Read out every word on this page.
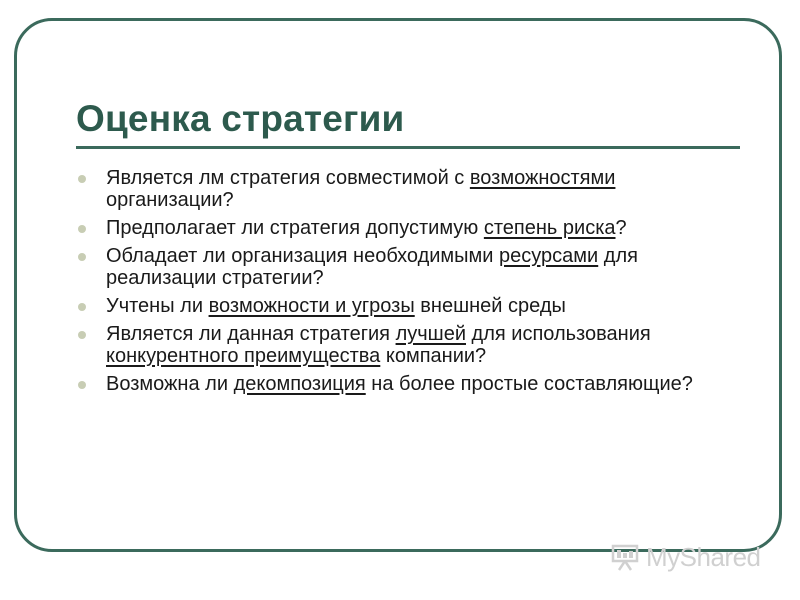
Оценка стратегии
Является лм стратегия совместимой с возможностями организации?
Предполагает ли стратегия допустимую степень риска?
Обладает ли организация необходимыми ресурсами для реализации стратегии?
Учтены ли возможности и угрозы внешней среды
Является ли данная стратегия лучшей для использования конкурентного преимущества компании?
Возможна ли декомпозиция на более простые составляющие?
MyShared
